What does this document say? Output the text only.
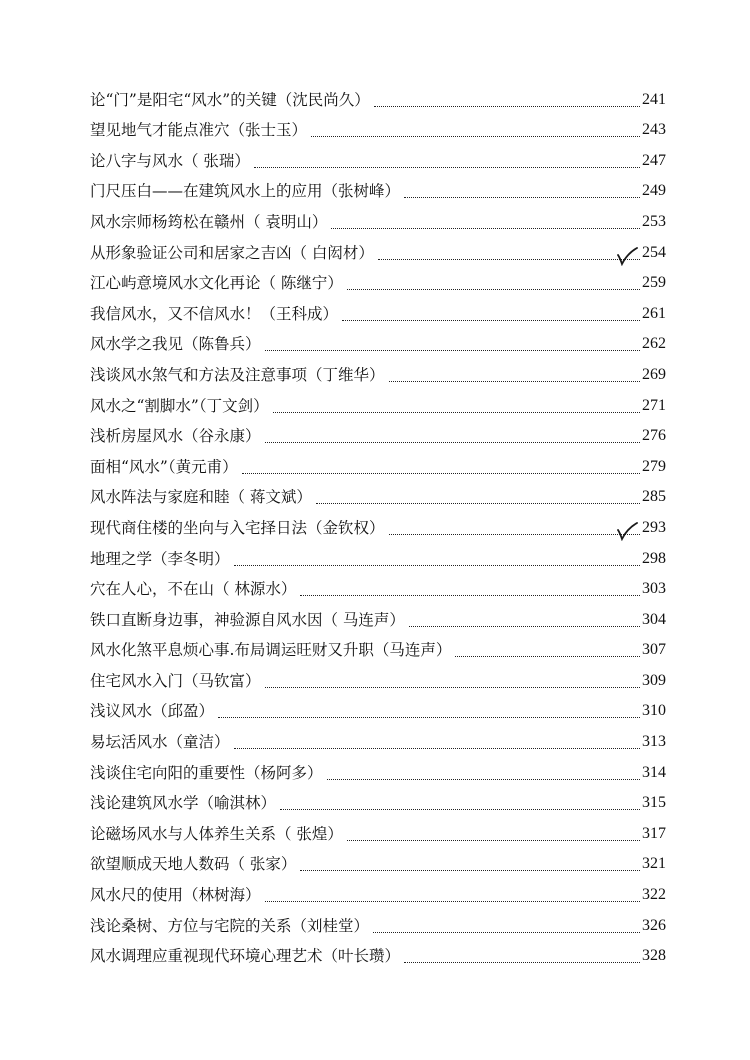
论“门”是阳宅“风水”的关键（沈民尚久）	241
望见地气才能点准穴（张士玉）	243
论八字与风水（ 张瑞）	247
门尺压白——在建筑风水上的应用（张树峰）	249
风水宗师杨筠松在赣州（ 袁明山）	253
从形象验证公司和居家之吉凶（ 白闳材）	254
江心屿意境风水文化再论（ 陈继宁）	259
我信风水，又不信风水！（王科成）	261
风水学之我见（陈鲁兵）	262
浅谈风水煞气和方法及注意事项（丁维华）	269
风水之“割脚水”（丁文剑）	271
浅析房屋风水（谷永康）	276
面相“风水”（黄元甫）	279
风水阵法与家庭和睦（ 蒋文斌）	285
现代商住楼的坐向与入宅择日法（金钦权）	293
地理之学（李冬明）	298
穴在人心，不在山（ 林源水）	303
铁口直断身边事，神验源自风水因（ 马连声）	304
风水化煞平息烦心事.布局调运旺财又升职（马连声）	307
住宅风水入门（马钦富）	309
浅议风水（邱盈）	310
易坛活风水（童洁）	313
浅谈住宅向阳的重要性（杨阿多）	314
浅论建筑风水学（喻淇林）	315
论磁场风水与人体养生关系（ 张煌）	317
欲望顺成天地人数码（ 张家）	321
风水尺的使用（林树海）	322
浅论桑树、方位与宅院的关系（刘桂堂）	326
风水调理应重视现代环境心理艺术（叶长瓒）	328
